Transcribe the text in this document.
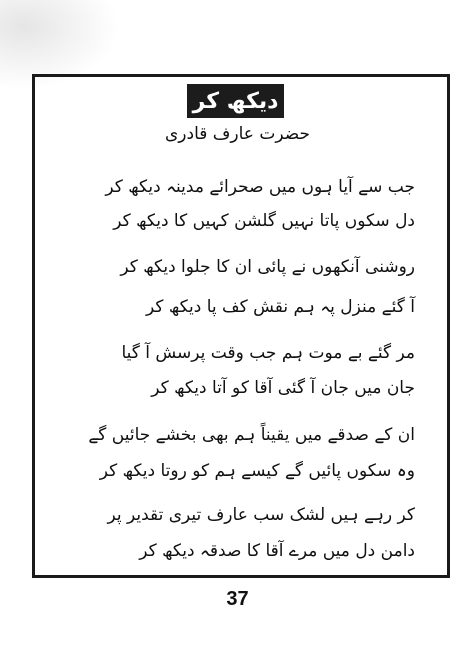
دیکھ کر
حضرت عارف قادری
جب سے آیا ہوں میں صحرائے مدینہ دیکھ کر
دل سکوں پاتا نہیں گلشن کہیں کا دیکھ کر
روشنی آنکھوں نے پائی ان کا جلوا دیکھ کر
آ گئے منزل پہ ہم نقش کف پا دیکھ کر
مر گئے بے موت ہم جب وقت پرسش آ گیا
جان میں جان آ گئی آقا کو آتا دیکھ کر
ان کے صدقے میں یقیناً ہم بھی بخشے جائیں گے
وہ سکوں پائیں گے کیسے ہم کو روتا دیکھ کر
کر رہے ہیں لشک سب عارف تیری تقدیر پر
دامن دل میں مرے آقا کا صدقہ دیکھ کر
37
